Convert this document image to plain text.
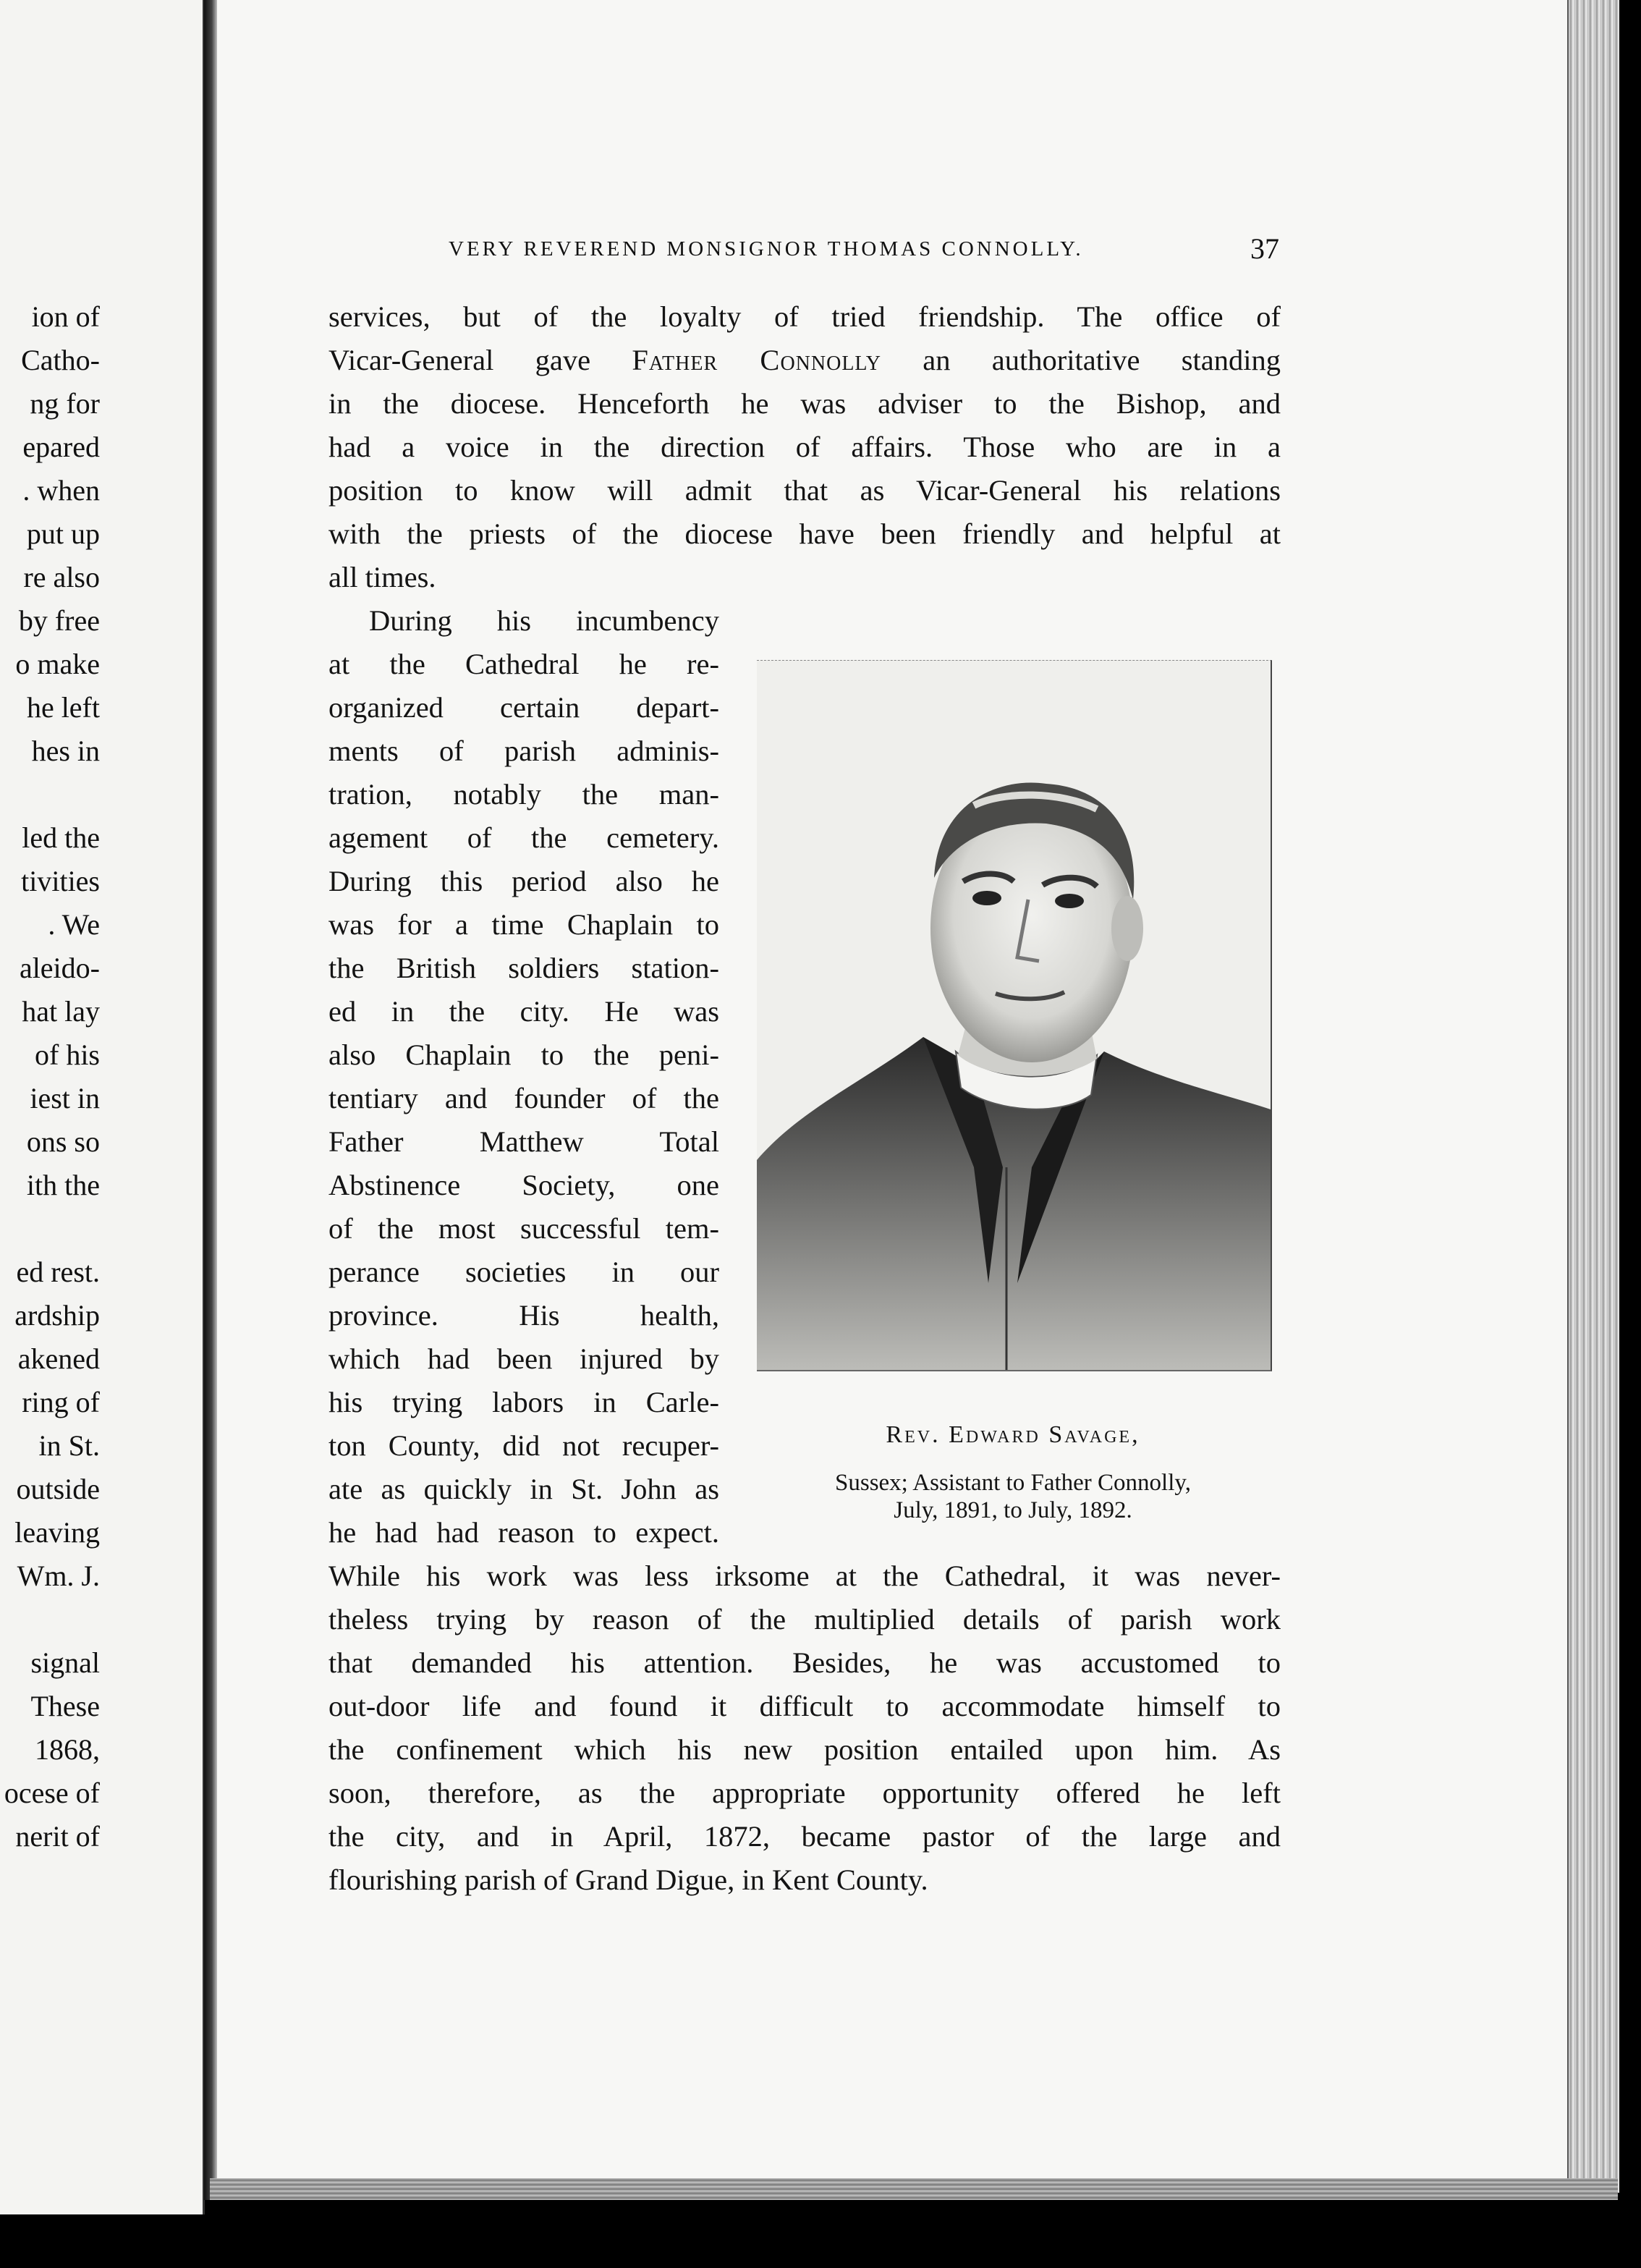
ion of
Catho-
ng for
epared
. when
put up
re also
by free
o make
he left
hes in
led the
tivities
. We
aleido-
hat lay
of his
iest in
ons so
ith the
ed rest.
ardship
akened
ring of
in St.
outside
leaving
Wm. J.
signal
These
1868,
ocese of
nerit of
VERY REVEREND MONSIGNOR THOMAS CONNOLLY.	37
services, but of the loyalty of tried friendship. The office of
Vicar-General gave Father Connolly an authoritative standing
in the diocese. Henceforth he was adviser to the Bishop, and
had a voice in the direction of affairs. Those who are in a
position to know will admit that as Vicar-General his relations
with the priests of the diocese have been friendly and helpful at
all times.
During his incumbency
at the Cathedral he re-
organized certain depart-
ments of parish adminis-
tration, notably the man-
agement of the cemetery.
During this period also he
was for a time Chaplain to
the British soldiers station-
ed in the city. He was
also Chaplain to the peni-
tentiary and founder of the
Father Matthew Total
Abstinence Society, one
of the most successful tem-
perance societies in our
province. His health,
which had been injured by
his trying labors in Carle-
ton County, did not recuper-
ate as quickly in St. John as
he had had reason to expect.
While his work was less irksome at the Cathedral, it was never-
theless trying by reason of the multiplied details of parish work
that demanded his attention. Besides, he was accustomed to
out-door life and found it difficult to accommodate himself to
the confinement which his new position entailed upon him. As
soon, therefore, as the appropriate opportunity offered he left
the city, and in April, 1872, became pastor of the large and
flourishing parish of Grand Digue, in Kent County.
Rev. Edward Savage,
Sussex; Assistant to Father Connolly,
July, 1891, to July, 1892.
